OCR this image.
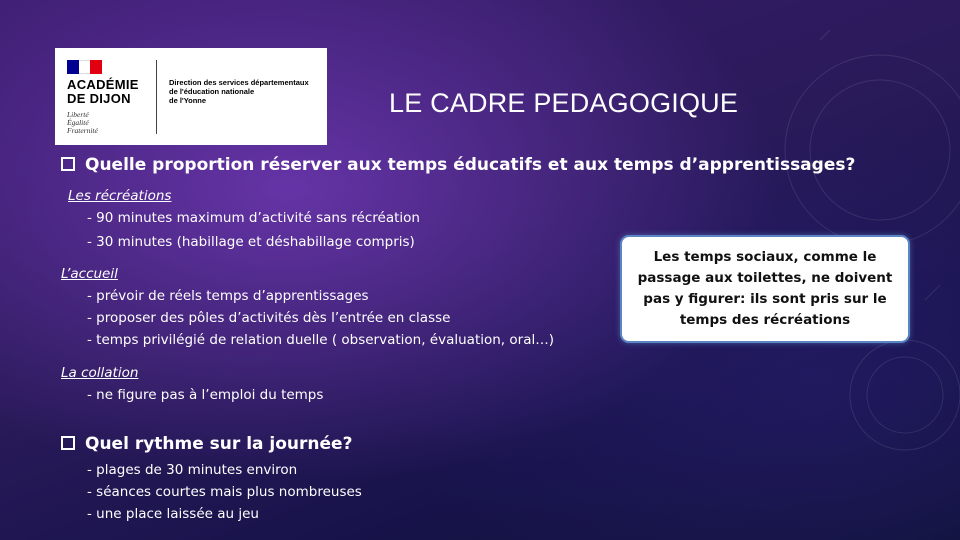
ACADÉMIE
DE DIJON
Liberté
Égalité
Fraternité
Direction des services départementaux
de l'éducation nationale
de l'Yonne	LE CADRE PEDAGOGIQUE
Quelle proportion réserver aux temps éducatifs et aux temps d’apprentissages?
Les récréations
- 90 minutes maximum d’activité sans récréation
- 30 minutes (habillage et déshabillage compris)
L’accueil
- prévoir de réels temps d’apprentissages
- proposer des pôles d’activités dès l’entrée en classe
- temps privilégié de relation duelle ( observation, évaluation, oral…)
La collation
- ne figure pas à l’emploi du temps
Quel rythme sur la journée?
- plages de 30 minutes environ
- séances courtes mais plus nombreuses
- une place laissée au jeu
Les temps sociaux, comme le passage aux toilettes, ne doivent pas y figurer: ils sont pris sur le temps des récréations
